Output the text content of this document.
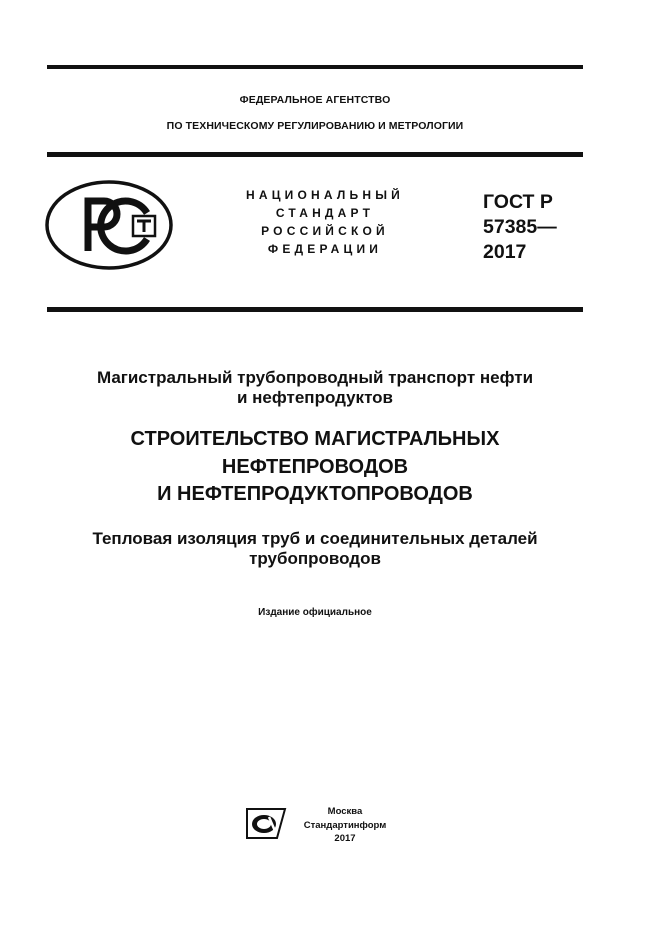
ФЕДЕРАЛЬНОЕ АГЕНТСТВО
ПО ТЕХНИЧЕСКОМУ РЕГУЛИРОВАНИЮ И МЕТРОЛОГИИ
НАЦИОНАЛЬНЫЙ
СТАНДАРТ
РОССИЙСКОЙ
ФЕДЕРАЦИИ
ГОСТ Р
57385—
2017
Магистральный трубопроводный транспорт нефти
и нефтепродуктов
СТРОИТЕЛЬСТВО МАГИСТРАЛЬНЫХ
НЕФТЕПРОВОДОВ
И НЕФТЕПРОДУКТОПРОВОДОВ
Тепловая изоляция труб и соединительных деталей
трубопроводов
Издание официальное
Москва
Стандартинформ
2017
